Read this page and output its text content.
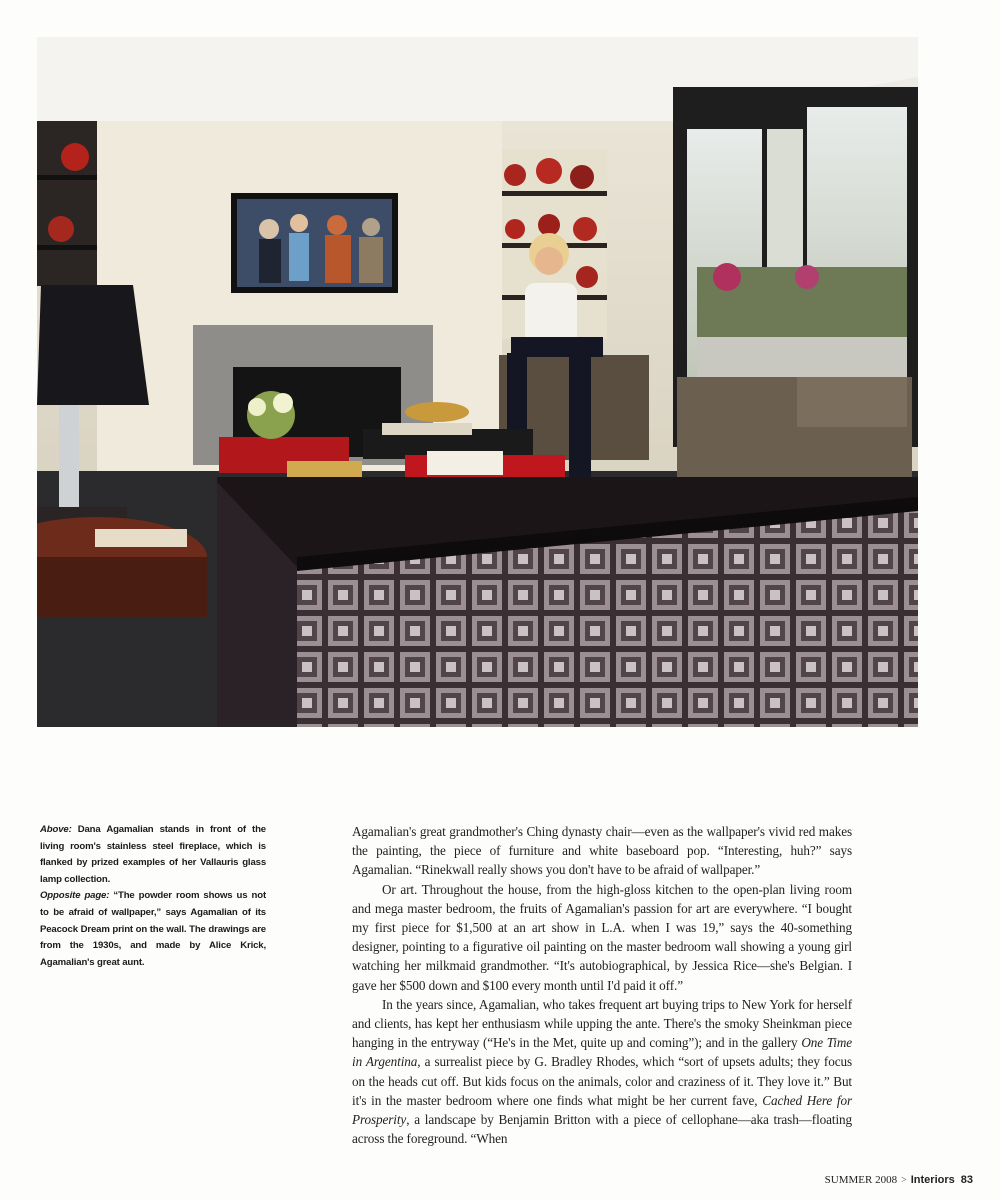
Above: Dana Agamalian stands in front of the living room's stainless steel fireplace, which is flanked by prized examples of her Vallauris glass lamp collection.
Opposite page: “The powder room shows us not to be afraid of wallpaper,” says Agamalian of its Peacock Dream print on the wall. The drawings are from the 1930s, and made by Alice Krick, Agamalian's great aunt.

Agamalian's great grandmother's Ching dynasty chair—even as the wallpaper's vivid red makes the painting, the piece of furniture and white baseboard pop. “Interesting, huh?” says Agamalian. “Rinekwall really shows you don't have to be afraid of wallpaper.”

Or art. Throughout the house, from the high-gloss kitchen to the open-plan living room and mega master bedroom, the fruits of Agamalian's passion for art are everywhere. “I bought my first piece for $1,500 at an art show in L.A. when I was 19,” says the 40-something designer, pointing to a figurative oil painting on the master bedroom wall showing a young girl watching her milkmaid grandmother. “It's autobiographical, by Jessica Rice—she's Belgian. I gave her $500 down and $100 every month until I'd paid it off.”

In the years since, Agamalian, who takes frequent art buying trips to New York for herself and clients, has kept her enthusiasm while upping the ante. There's the smoky Sheinkman piece hanging in the entryway (“He's in the Met, quite up and coming”); and in the gallery One Time in Argentina, a surrealist piece by G. Bradley Rhodes, which “sort of upsets adults; they focus on the heads cut off. But kids focus on the animals, color and craziness of it. They love it.” But it's in the master bedroom where one finds what might be her current fave, Cached Here for Prosperity, a landscape by Benjamin Britton with a piece of cellophane—aka trash—floating across the foreground. “When

SUMMER 2008 > Interiors 83
